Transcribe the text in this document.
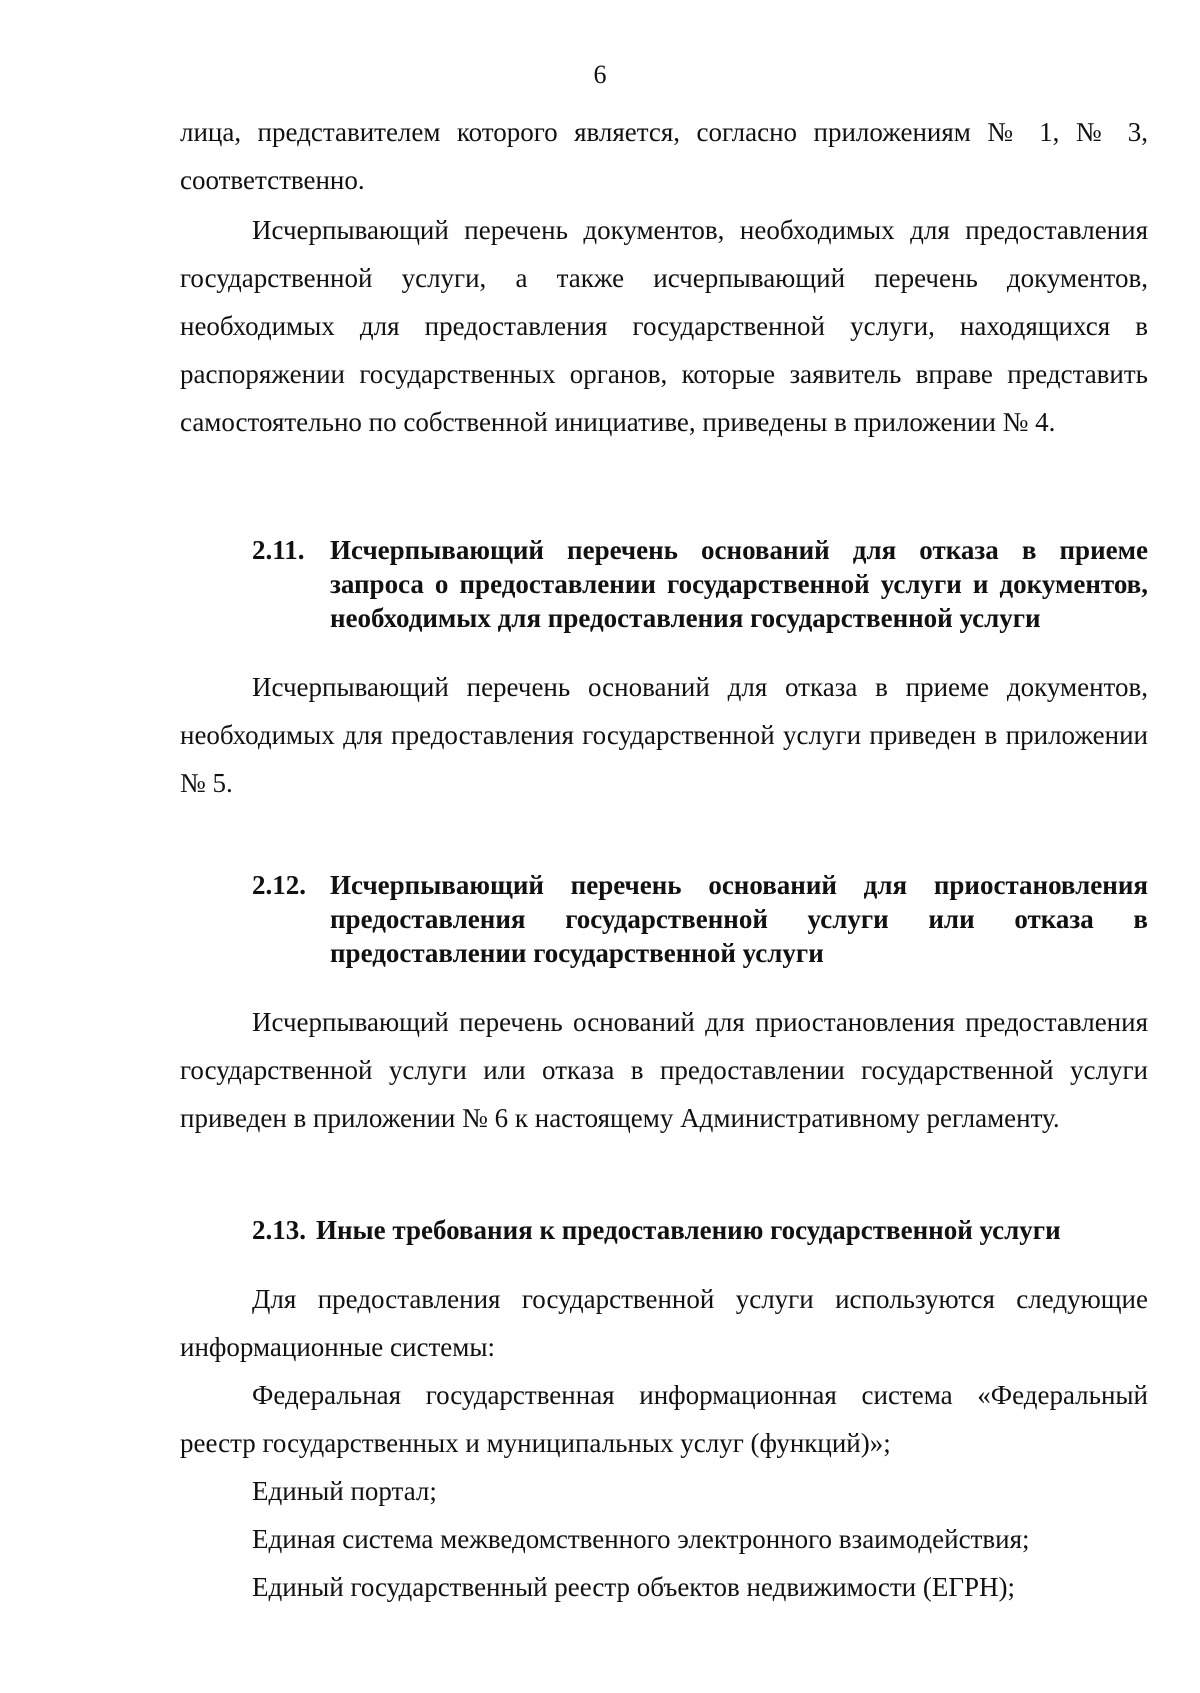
6

лица, представителем которого является, согласно приложениям № 1, № 3, соответственно.

Исчерпывающий перечень документов, необходимых для предоставления государственной услуги, а также исчерпывающий перечень документов, необходимых для предоставления государственной услуги, находящихся в распоряжении государственных органов, которые заявитель вправе представить самостоятельно по собственной инициативе, приведены в приложении № 4.

2.11. Исчерпывающий перечень оснований для отказа в приеме запроса о предоставлении государственной услуги и документов, необходимых для предоставления государственной услуги

Исчерпывающий перечень оснований для отказа в приеме документов, необходимых для предоставления государственной услуги приведен в приложении № 5.

2.12. Исчерпывающий перечень оснований для приостановления предоставления государственной услуги или отказа в предоставлении государственной услуги

Исчерпывающий перечень оснований для приостановления предоставления государственной услуги или отказа в предоставлении государственной услуги приведен в приложении № 6 к настоящему Административному регламенту.

2.13. Иные требования к предоставлению государственной услуги

Для предоставления государственной услуги используются следующие информационные системы:

Федеральная государственная информационная система «Федеральный реестр государственных и муниципальных услуг (функций)»;

Единый портал;

Единая система межведомственного электронного взаимодействия;

Единый государственный реестр объектов недвижимости (ЕГРН);
